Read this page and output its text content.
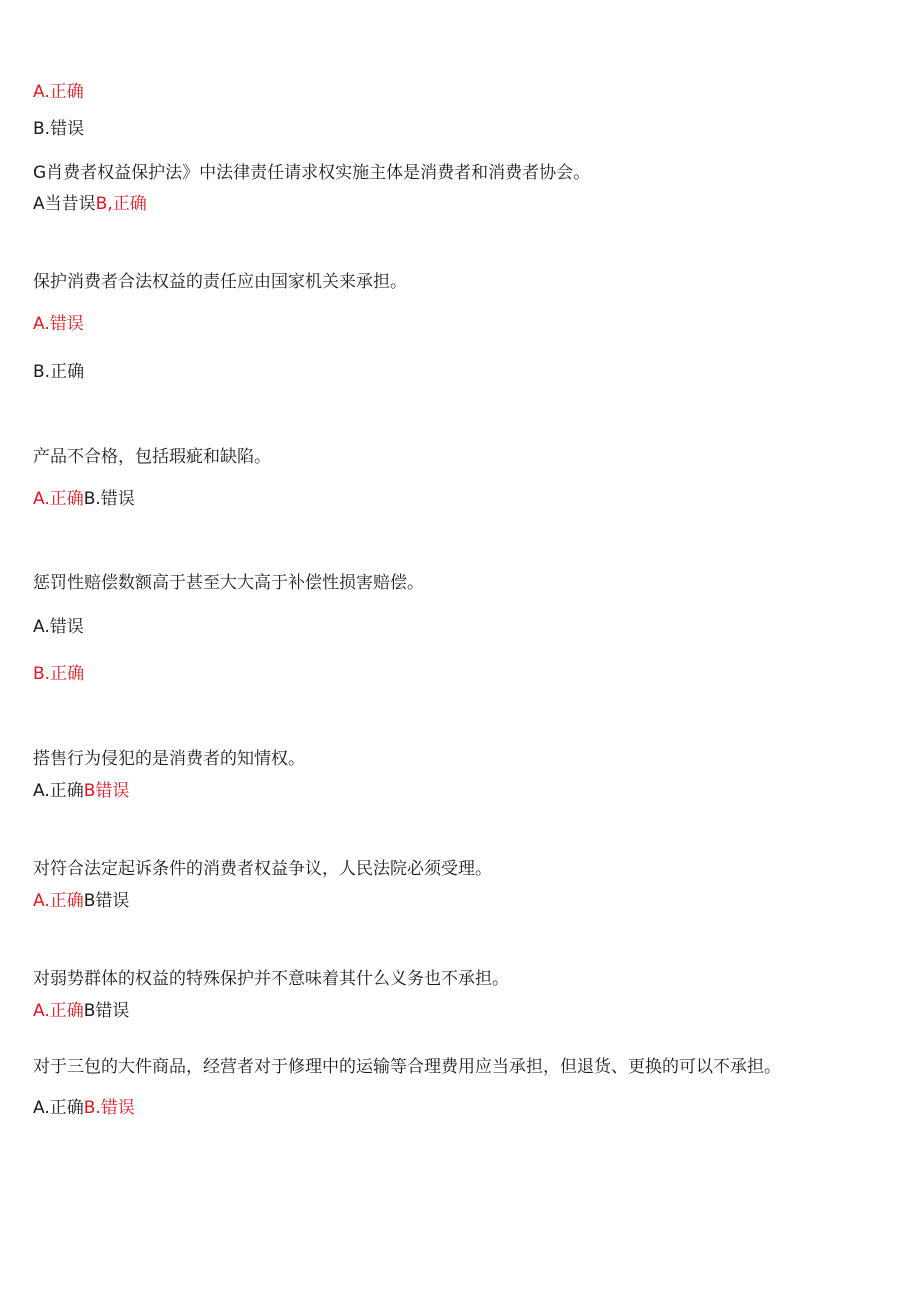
A.正确
B.错误
G肖费者权益保护法》中法律责任请求权实施主体是消费者和消费者协会。
A当昔误B,正确
保护消费者合法权益的责任应由国家机关来承担。
A.错误
B.正确
产品不合格，包括瑕疵和缺陷。
A.正确B.错误
惩罚性赔偿数额高于甚至大大高于补偿性损害赔偿。
A.错误
B.正确
搭售行为侵犯的是消费者的知情权。
A.正确B错误
对符合法定起诉条件的消费者权益争议，人民法院必须受理。
A.正确B错误
对弱势群体的权益的特殊保护并不意味着其什么义务也不承担。
A.正确B错误
对于三包的大件商品，经营者对于修理中的运输等合理费用应当承担，但退货、更换的可以不承担。
A.正确B.错误
